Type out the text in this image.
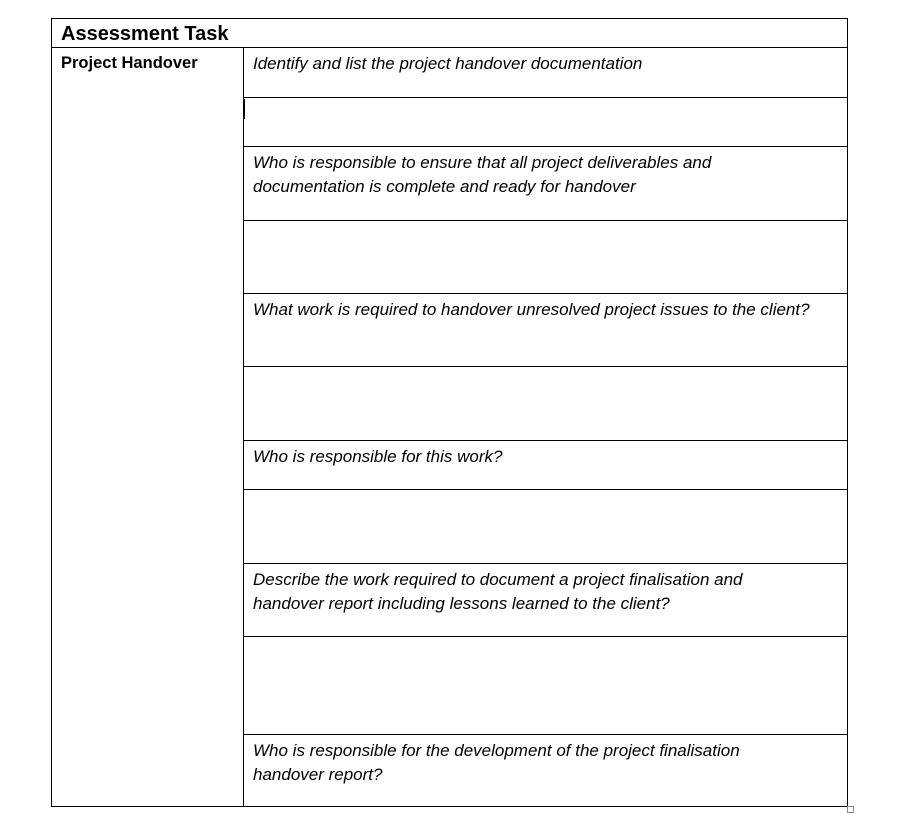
Assessment Task
Project Handover	Identify and list the project handover documentation
Who is responsible to ensure that all project deliverables and documentation is complete and ready for handover
What work is required to handover unresolved project issues to the client?
Who is responsible for this work?
Describe the work required to document a project finalisation and handover report including lessons learned to the client?
Who is responsible for the development of the project finalisation handover report?
